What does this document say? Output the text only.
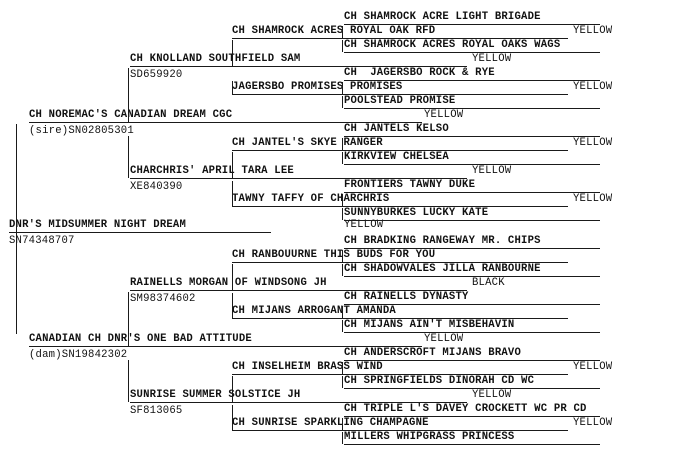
DNR'S MIDSUMMER NIGHT DREAM	YELLOW
SN74348707
CH NOREMAC'S CANADIAN DREAM CGC	YELLOW
(sire)SN02805301
CANADIAN CH DNR'S ONE BAD ATTITUDE	YELLOW
(dam)SN19842302
CH KNOLLAND SOUTHFIELD SAM	YELLOW
SD659920
CHARCHRIS' APRIL TARA LEE	YELLOW
XE840390
RAINELLS MORGAN OF WINDSONG JH	BLACK
SM98374602
SUNRISE SUMMER SOLSTICE JH	YELLOW
SF813065
CH SHAMROCK ACRES ROYAL OAK RFD	YELLOW
JAGERSBO PROMISES PROMISES	YELLOW
CH JANTEL'S SKYE RANGER	YELLOW
TAWNY TAFFY OF CHARCHRIS	YELLOW
CH RANBOUURNE THIS BUDS FOR YOU
CH MIJANS ARROGANT AMANDA
CH INSELHEIM BRASS WIND	YELLOW
CH SUNRISE SPARKLING CHAMPAGNE	YELLOW
CH SHAMROCK ACRE LIGHT BRIGADE
CH SHAMROCK ACRES ROYAL OAKS WAGS
CH  JAGERSBO ROCK & RYE
POOLSTEAD PROMISE
CH JANTELS KELSO
KIRKVIEW CHELSEA
FRONTIERS TAWNY DUKE
SUNNYBURKES LUCKY KATE
CH BRADKING RANGEWAY MR. CHIPS
CH SHADOWVALES JILLA RANBOURNE
CH RAINELLS DYNASTY
CH MIJANS AIN'T MISBEHAVIN
CH ANDERSCROFT MIJANS BRAVO
CH SPRINGFIELDS DINORAH CD WC
CH TRIPLE L'S DAVEY CROCKETT WC PR CD
MILLERS WHIPGRASS PRINCESS
